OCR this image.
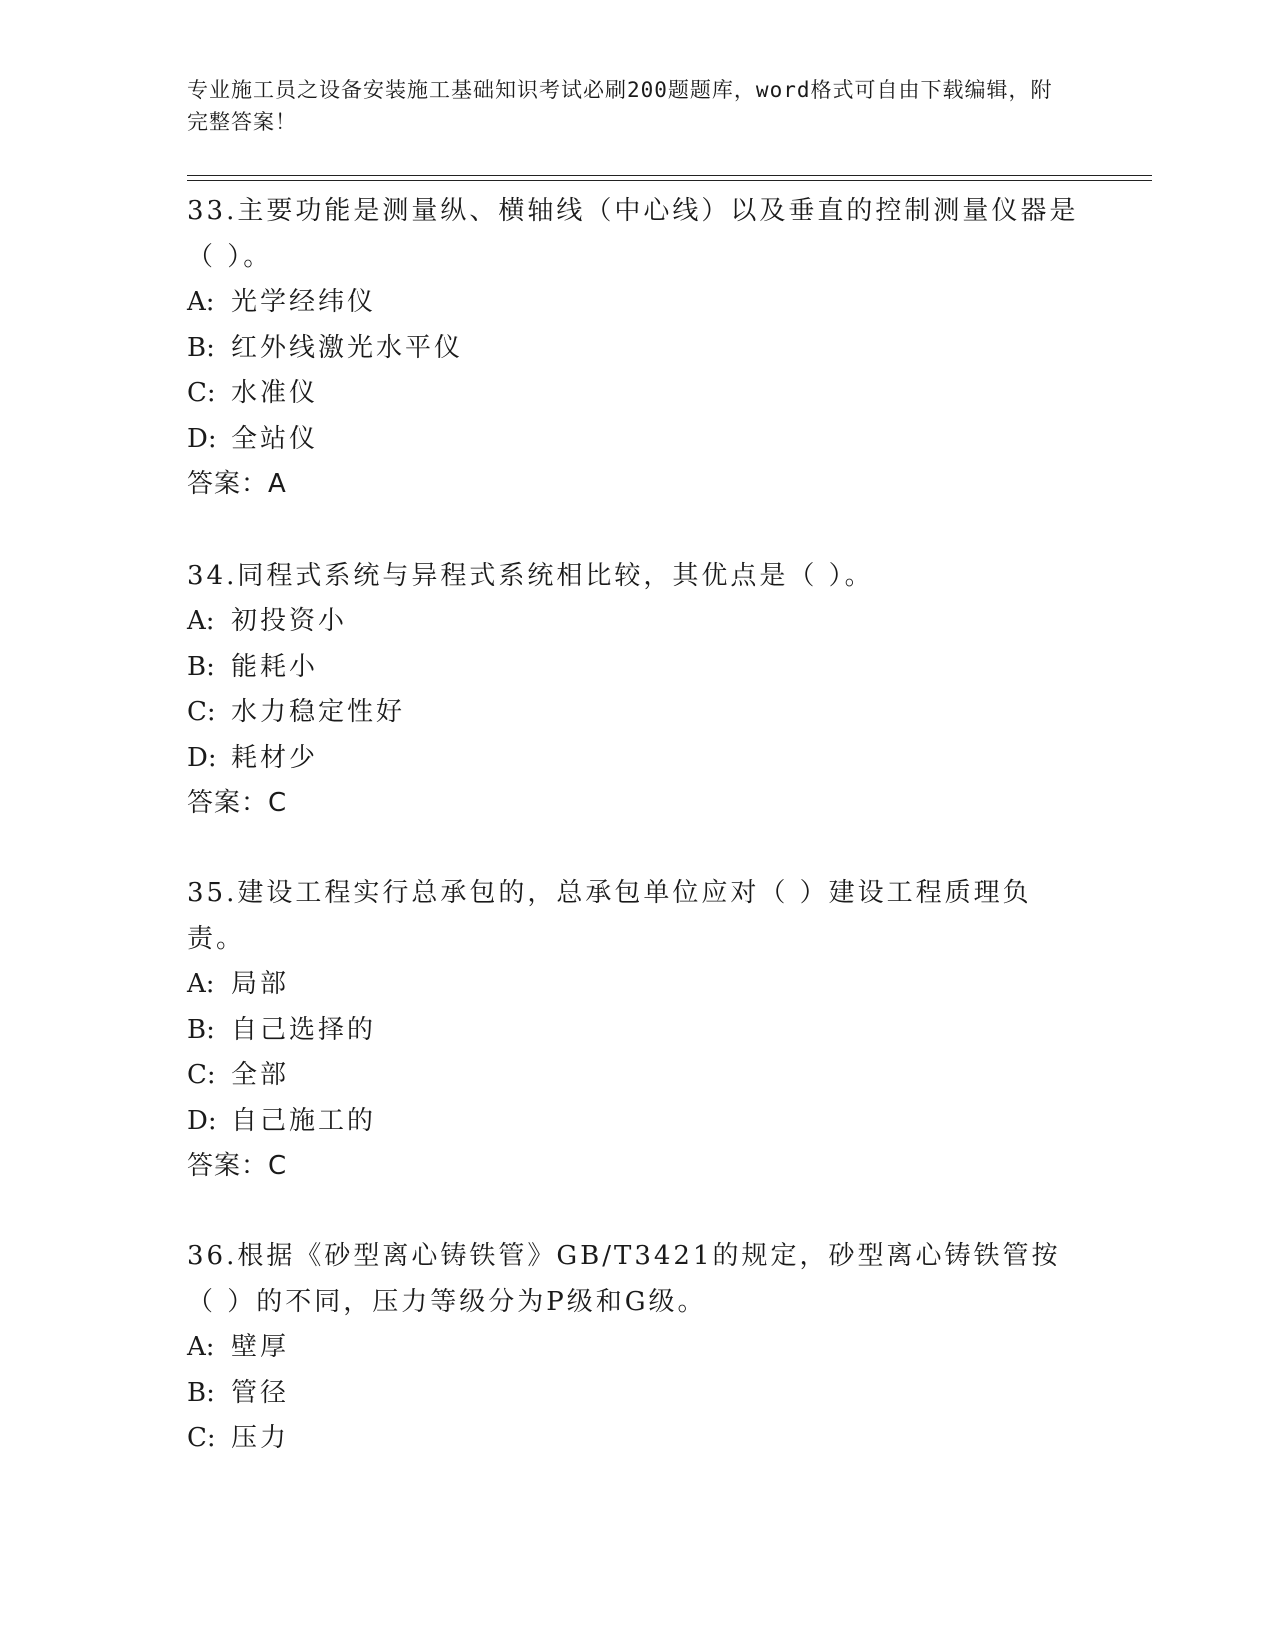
专业施工员之设备安装施工基础知识考试必刷200题题库，word格式可自由下载编辑，附完整答案！

33.主要功能是测量纵、横轴线（中心线）以及垂直的控制测量仪器是（ ）。

A: 光学经纬仪

B: 红外线激光水平仪

C: 水准仪

D: 全站仪

答案：A

34.同程式系统与异程式系统相比较，其优点是（ ）。

A: 初投资小

B: 能耗小

C: 水力稳定性好

D: 耗材少

答案：C

35.建设工程实行总承包的，总承包单位应对（ ）建设工程质理负责。

A: 局部

B: 自己选择的

C: 全部

D: 自己施工的

答案：C

36.根据《砂型离心铸铁管》GB/T3421的规定，砂型离心铸铁管按（ ）的不同，压力等级分为P级和G级。

A: 壁厚

B: 管径

C: 压力
